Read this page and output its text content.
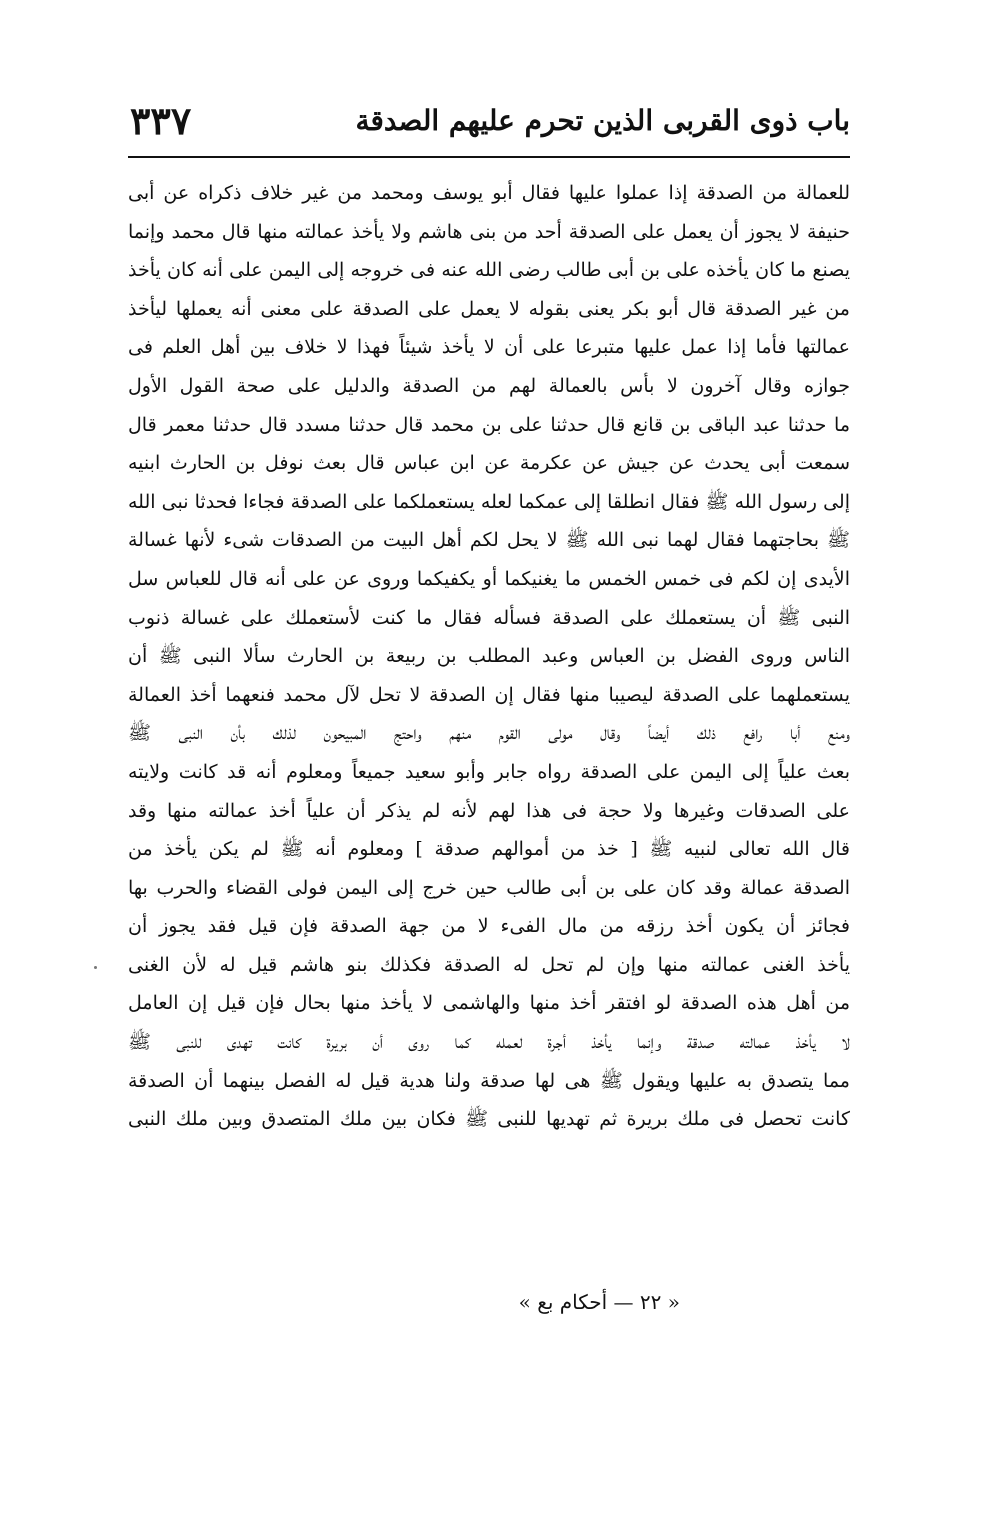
باب ذوى القربى الذين تحرم عليهم الصدقة
٣٣٧
للعمالة من الصدقة إذا عملوا عليها فقال أبو يوسف ومحمد من غير خلاف ذكراه عن أبى
حنيفة لا يجوز أن يعمل على الصدقة أحد من بنى هاشم ولا يأخذ عمالته منها قال محمد وإنما
يصنع ما كان يأخذه على بن أبى طالب رضى الله عنه فى خروجه إلى اليمن على أنه كان يأخذ
من غير الصدقة قال أبو بكر يعنى بقوله لا يعمل على الصدقة على معنى أنه يعملها ليأخذ
عمالتها فأما إذا عمل عليها متبرعا على أن لا يأخذ شيئاً فهذا لا خلاف بين أهل العلم فى
جوازه وقال آخرون لا بأس بالعمالة لهم من الصدقة والدليل على صحة القول الأول
ما حدثنا عبد الباقى بن قانع قال حدثنا على بن محمد قال حدثنا مسدد قال حدثنا معمر قال
سمعت أبى يحدث عن جيش عن عكرمة عن ابن عباس قال بعث نوفل بن الحارث ابنيه
إلى رسول الله ﷺ فقال انطلقا إلى عمكما لعله يستعملكما على الصدقة فجاءا فحدثا نبى الله
ﷺ بحاجتهما فقال لهما نبى الله ﷺ لا يحل لكم أهل البيت من الصدقات شىء لأنها غسالة
الأيدى إن لكم فى خمس الخمس ما يغنيكما أو يكفيكما وروى عن على أنه قال للعباس سل
النبى ﷺ أن يستعملك على الصدقة فسأله فقال ما كنت لأستعملك على غسالة ذنوب
الناس وروى الفضل بن العباس وعبد المطلب بن ربيعة بن الحارث سألا النبى ﷺ أن
يستعملهما على الصدقة ليصيبا منها فقال إن الصدقة لا تحل لآل محمد فنعهما أخذ العمالة
ومنع أبا رافع ذلك أيضاً وقال مولى القوم منهم واحتج المبيحون لذلك بأن النبى ﷺ
بعث علياً إلى اليمن على الصدقة رواه جابر وأبو سعيد جميعاً ومعلوم أنه قد كانت ولايته
على الصدقات وغيرها ولا حجة فى هذا لهم لأنه لم يذكر أن علياً أخذ عمالته منها وقد
قال الله تعالى لنبيه ﷺ [ خذ من أموالهم صدقة ] ومعلوم أنه ﷺ لم يكن يأخذ من
الصدقة عمالة وقد كان على بن أبى طالب حين خرج إلى اليمن فولى القضاء والحرب بها
فجائز أن يكون أخذ رزقه من مال الفىء لا من جهة الصدقة فإن قيل فقد يجوز أن
يأخذ الغنى عمالته منها وإن لم تحل له الصدقة فكذلك بنو هاشم قيل له لأن الغنى
من أهل هذه الصدقة لو افتقر أخذ منها والهاشمى لا يأخذ منها بحال فإن قيل إن العامل
لا يأخذ عمالته صدقة وإنما يأخذ أجرة لعمله كما روى أن بريرة كانت تهدى للنبى ﷺ
مما يتصدق به عليها ويقول ﷺ هى لها صدقة ولنا هدية قيل له الفصل بينهما أن الصدقة
كانت تحصل فى ملك بريرة ثم تهديها للنبى ﷺ فكان بين ملك المتصدق وبين ملك النبى
« ٢٢ — أحكام بع »
